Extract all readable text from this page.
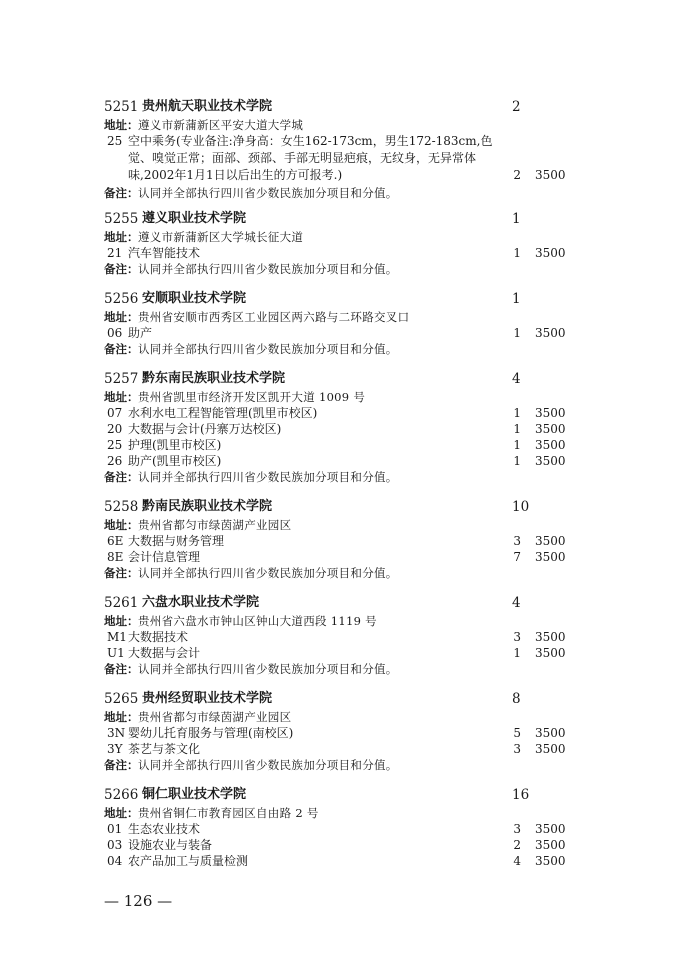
5251 贵州航天职业技术学院	2
地址： 遵义市新蒲新区平安大道大学城
25 空中乘务(专业备注:净身高：女生162-173cm，男生172-183cm,色觉、嗅觉正常；面部、颈部、手部无明显疤痕，无纹身，无异常体味,2002年1月1日以后出生的方可报考.)	2 3500
备注： 认同并全部执行四川省少数民族加分项目和分值。
5255 遵义职业技术学院	1
地址： 遵义市新蒲新区大学城长征大道
21 汽车智能技术	1 3500
备注： 认同并全部执行四川省少数民族加分项目和分值。
5256 安顺职业技术学院	1
地址： 贵州省安顺市西秀区工业园区两六路与二环路交叉口
06 助产	1 3500
备注： 认同并全部执行四川省少数民族加分项目和分值。
5257 黔东南民族职业技术学院	4
地址： 贵州省凯里市经济开发区凯开大道 1009 号
07 水利水电工程智能管理(凯里市校区)	1 3500
20 大数据与会计(丹寨万达校区)	1 3500
25 护理(凯里市校区)	1 3500
26 助产(凯里市校区)	1 3500
备注： 认同并全部执行四川省少数民族加分项目和分值。
5258 黔南民族职业技术学院	10
地址： 贵州省都匀市绿茵湖产业园区
6E 大数据与财务管理	3 3500
8E 会计信息管理	7 3500
备注： 认同并全部执行四川省少数民族加分项目和分值。
5261 六盘水职业技术学院	4
地址： 贵州省六盘水市钟山区钟山大道西段 1119 号
M1 大数据技术	3 3500
U1 大数据与会计	1 3500
备注： 认同并全部执行四川省少数民族加分项目和分值。
5265 贵州经贸职业技术学院	8
地址： 贵州省都匀市绿茵湖产业园区
3N 婴幼儿托育服务与管理(南校区)	5 3500
3Y 茶艺与茶文化	3 3500
备注： 认同并全部执行四川省少数民族加分项目和分值。
5266 铜仁职业技术学院	16
地址： 贵州省铜仁市教育园区自由路 2 号
01 生态农业技术	3 3500
03 设施农业与装备	2 3500
04 农产品加工与质量检测	4 3500
— 126 —
